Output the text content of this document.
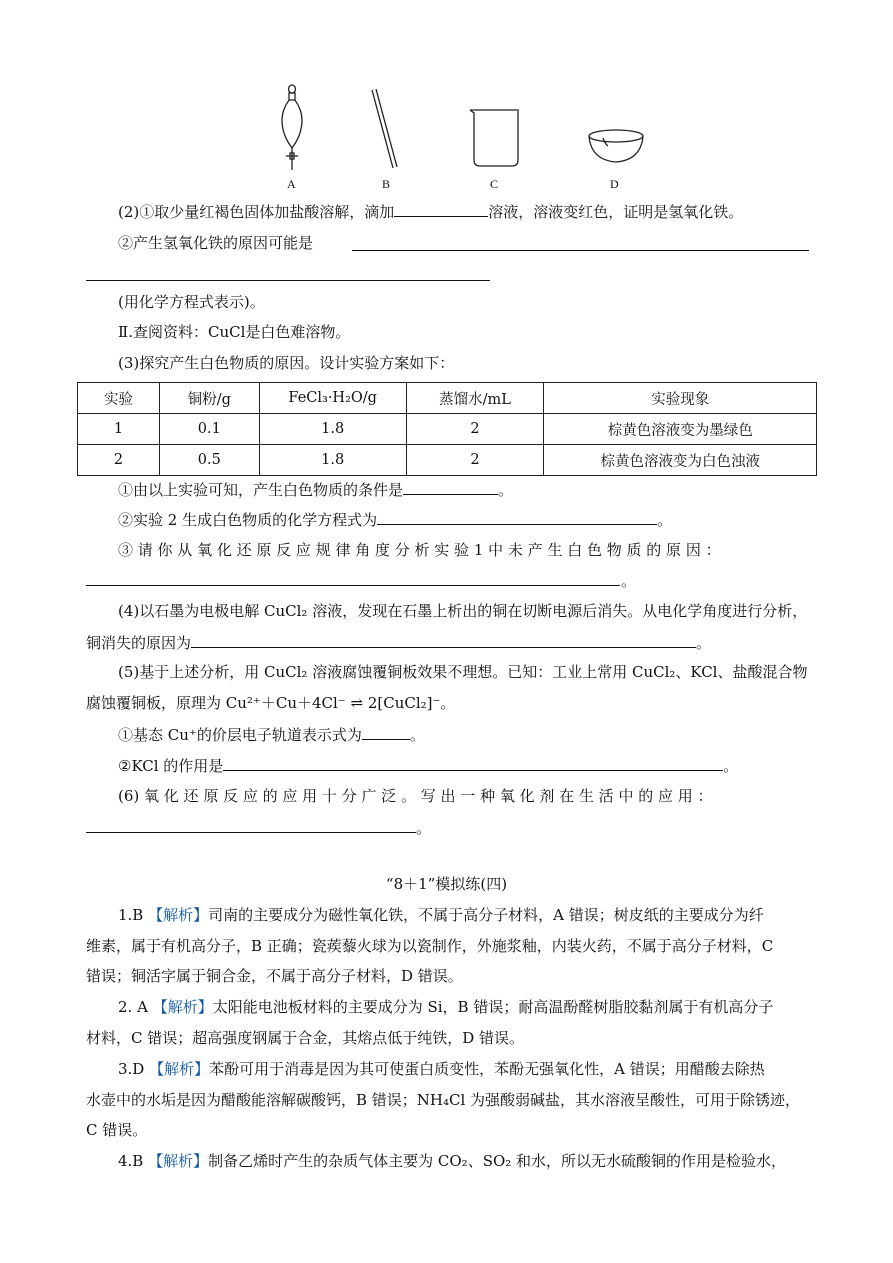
A	B	C	D
(2)①取少量红褐色固体加盐酸溶解，滴加	溶液，溶液变红色，证明是氢氧化铁。
②产生氢氧化铁的原因可能是
(用化学方程式表示)。
Ⅱ.查阅资料：CuCl是白色难溶物。
(3)探究产生白色物质的原因。设计实验方案如下：
实验	铜粉/g	FeCl₃·H₂O/g	蒸馏水/mL	实验现象
1	0.1	1.8	2	棕黄色溶液变为墨绿色
2	0.5	1.8	2	棕黄色溶液变为白色浊液
①由以上实验可知，产生白色物质的条件是	。
②实验 2 生成白色物质的化学方程式为	。
③ 请 你 从 氧 化 还 原 反 应 规 律 角 度 分 析 实 验 1 中 未 产 生 白 色 物 质 的 原 因 ：
。
(4)以石墨为电极电解 CuCl₂ 溶液，发现在石墨上析出的铜在切断电源后消失。从电化学角度进行分析，
铜消失的原因为	。
(5)基于上述分析，用 CuCl₂ 溶液腐蚀覆铜板效果不理想。已知：工业上常用 CuCl₂、KCl、盐酸混合物
腐蚀覆铜板，原理为 Cu²⁺＋Cu＋4Cl⁻ ⇌ 2[CuCl₂]⁻。
①基态 Cu⁺的价层电子轨道表示式为	。
②KCl 的作用是	。
(6) 氧 化 还 原 反 应 的 应 用 十 分 广 泛 。 写 出 一 种 氧 化 剂 在 生 活 中 的 应 用 ：
。
“8＋1”模拟练(四)
1.B 【解析】司南的主要成分为磁性氧化铁，不属于高分子材料，A 错误；树皮纸的主要成分为纤
维素，属于有机高分子，B 正确；瓷蒺藜火球为以瓷制作，外施浆釉，内装火药，不属于高分子材料，C
错误；铜活字属于铜合金，不属于高分子材料，D 错误。
2. A 【解析】太阳能电池板材料的主要成分为 Si，B 错误；耐高温酚醛树脂胶黏剂属于有机高分子
材料，C 错误；超高强度钢属于合金，其熔点低于纯铁，D 错误。
3.D 【解析】苯酚可用于消毒是因为其可使蛋白质变性，苯酚无强氧化性，A 错误；用醋酸去除热
水壶中的水垢是因为醋酸能溶解碳酸钙，B 错误；NH₄Cl 为强酸弱碱盐，其水溶液呈酸性，可用于除锈迹，
C 错误。
4.B 【解析】制备乙烯时产生的杂质气体主要为 CO₂、SO₂ 和水，所以无水硫酸铜的作用是检验水，
